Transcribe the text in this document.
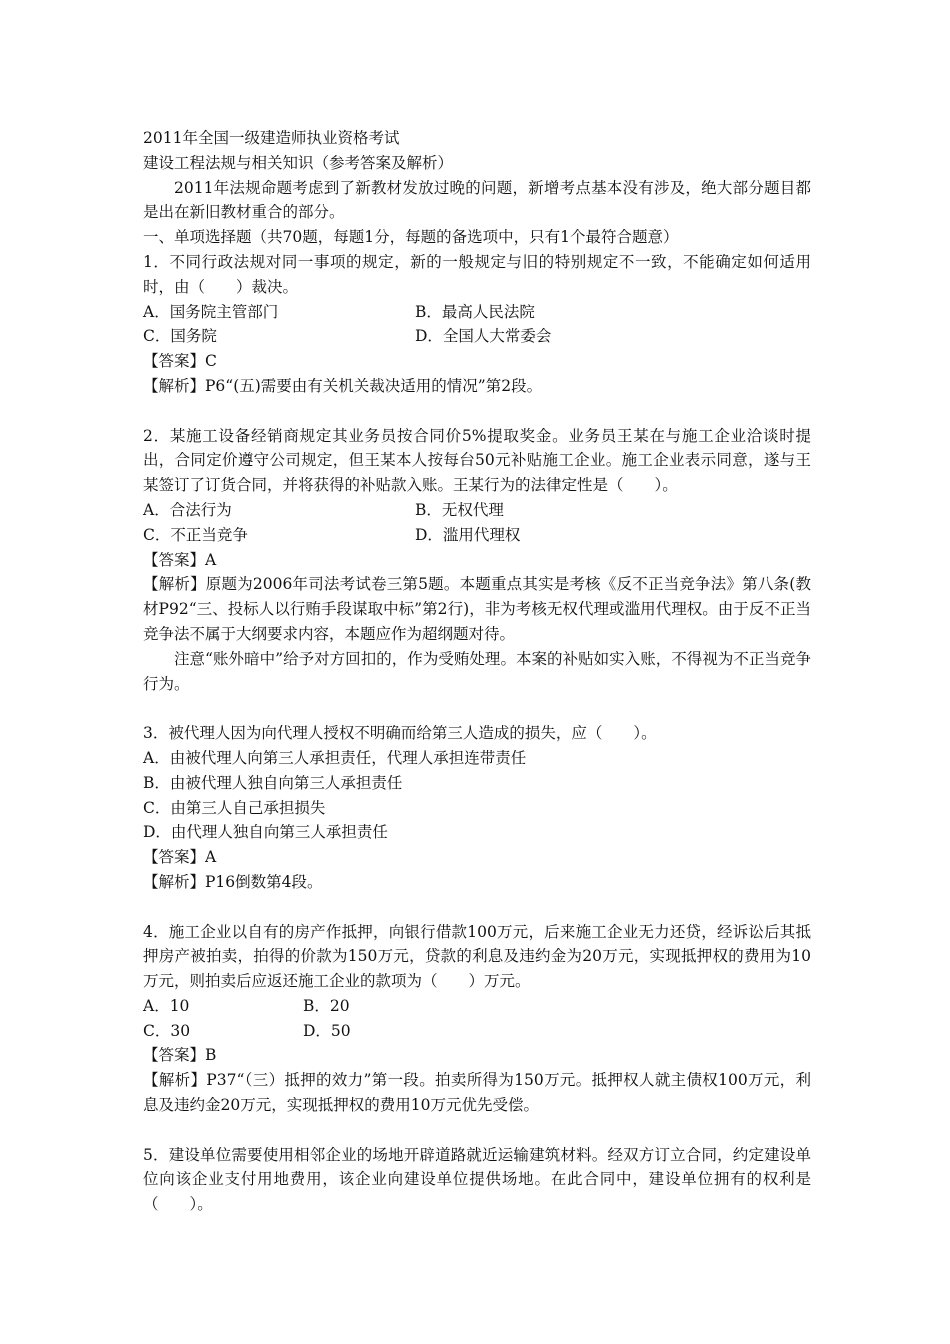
2011年全国一级建造师执业资格考试

建设工程法规与相关知识（参考答案及解析）

2011年法规命题考虑到了新教材发放过晚的问题，新增考点基本没有涉及，绝大部分题目都是出在新旧教材重合的部分。

一、单项选择题（共70题，每题1分，每题的备选项中，只有1个最符合题意）

1．不同行政法规对同一事项的规定，新的一般规定与旧的特别规定不一致，不能确定如何适用时，由（　　）裁决。

A．国务院主管部门	B．最高人民法院
C．国务院	D．全国人大常委会

【答案】C

【解析】P6“(五)需要由有关机关裁决适用的情况”第2段。

2．某施工设备经销商规定其业务员按合同价5%提取奖金。业务员王某在与施工企业洽谈时提出，合同定价遵守公司规定，但王某本人按每台50元补贴施工企业。施工企业表示同意，遂与王某签订了订货合同，并将获得的补贴款入账。王某行为的法律定性是（　　）。

A．合法行为	B．无权代理
C．不正当竞争	D．滥用代理权

【答案】A

【解析】原题为2006年司法考试卷三第5题。本题重点其实是考核《反不正当竞争法》第八条(教材P92“三、投标人以行贿手段谋取中标”第2行)，非为考核无权代理或滥用代理权。由于反不正当竞争法不属于大纲要求内容，本题应作为超纲题对待。

注意“账外暗中”给予对方回扣的，作为受贿处理。本案的补贴如实入账，不得视为不正当竞争行为。

3．被代理人因为向代理人授权不明确而给第三人造成的损失，应（　　）。

A．由被代理人向第三人承担责任，代理人承担连带责任

B．由被代理人独自向第三人承担责任

C．由第三人自己承担损失

D．由代理人独自向第三人承担责任

【答案】A

【解析】P16倒数第4段。

4．施工企业以自有的房产作抵押，向银行借款100万元，后来施工企业无力还贷，经诉讼后其抵押房产被拍卖，拍得的价款为150万元，贷款的利息及违约金为20万元，实现抵押权的费用为10万元，则拍卖后应返还施工企业的款项为（　　）万元。

A．10	B．20
C．30	D．50

【答案】B

【解析】P37“（三）抵押的效力”第一段。拍卖所得为150万元。抵押权人就主债权100万元，利息及违约金20万元，实现抵押权的费用10万元优先受偿。

5．建设单位需要使用相邻企业的场地开辟道路就近运输建筑材料。经双方订立合同，约定建设单位向该企业支付用地费用，该企业向建设单位提供场地。在此合同中，建设单位拥有的权利是（　　）。
